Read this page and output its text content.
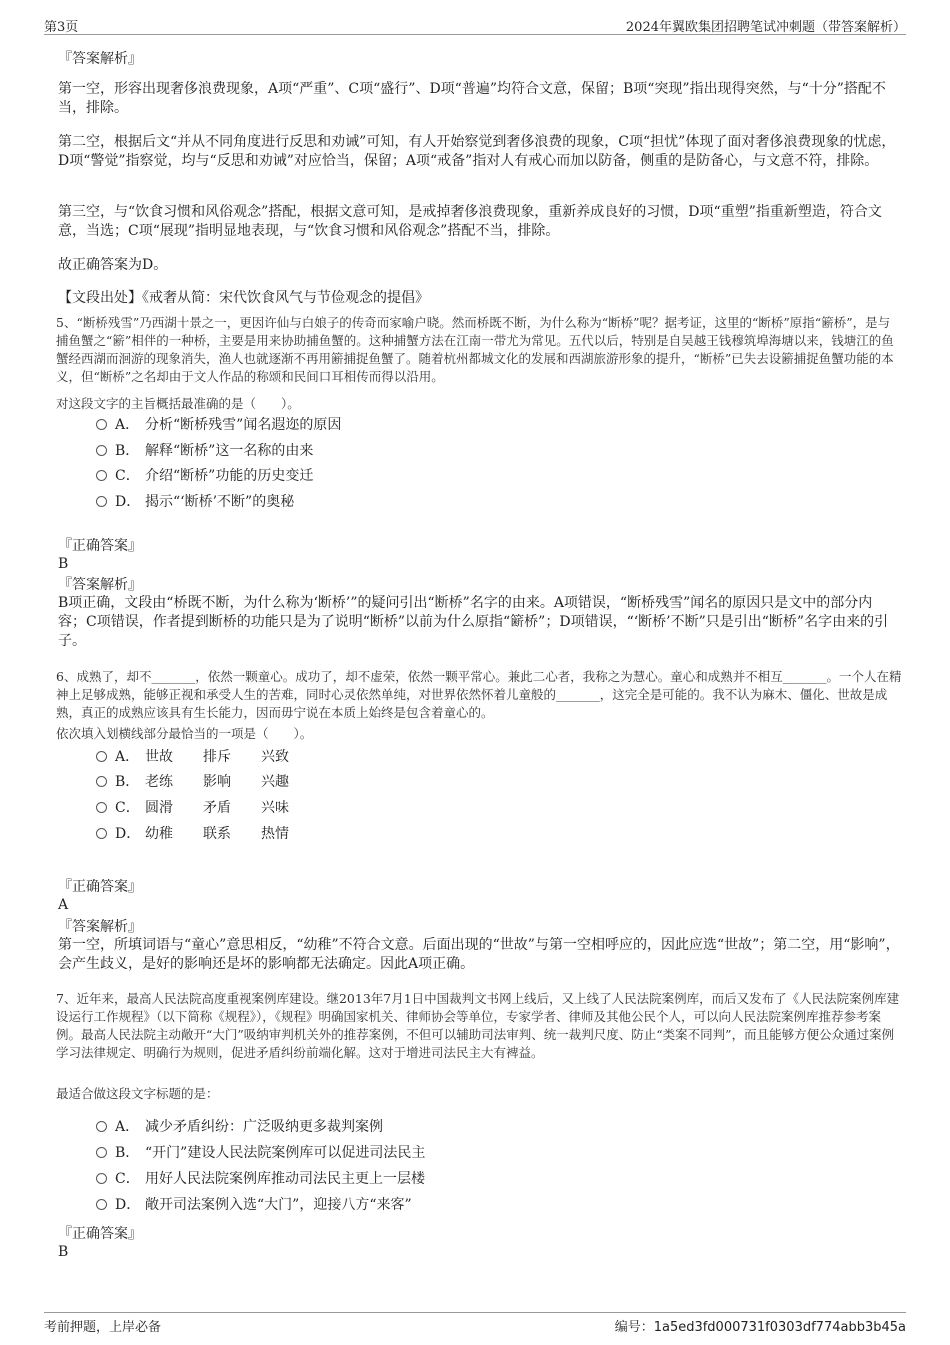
第3页	2024年翼欧集团招聘笔试冲刺题（带答案解析）
『答案解析』
第一空，形容出现奢侈浪费现象，A项“严重”、C项“盛行”、D项“普遍”均符合文意，保留；B项“突现”指出现得突然，与“十分”搭配不当，排除。
第二空，根据后文“并从不同角度进行反思和劝诫”可知，有人开始察觉到奢侈浪费的现象，C项“担忧”体现了面对奢侈浪费现象的忧虑，D项“警觉”指察觉，均与“反思和劝诫”对应恰当，保留；A项“戒备”指对人有戒心而加以防备，侧重的是防备心，与文意不符，排除。
第三空，与“饮食习惯和风俗观念”搭配，根据文意可知，是戒掉奢侈浪费现象，重新养成良好的习惯，D项“重塑”指重新塑造，符合文意，当选；C项“展现”指明显地表现，与“饮食习惯和风俗观念”搭配不当，排除。
故正确答案为D。
【文段出处】《戒奢从简：宋代饮食风气与节俭观念的提倡》
5、“断桥残雪”乃西湖十景之一，更因许仙与白娘子的传奇而家喻户晓。然而桥既不断，为什么称为“断桥”呢？据考证，这里的“断桥”原指“簖桥”，是与捕鱼蟹之“簖”相伴的一种桥，主要是用来协助捕鱼蟹的。这种捕蟹方法在江南一带尤为常见。五代以后，特别是自吴越王钱穆筑埠海塘以来，钱塘江的鱼蟹经西湖而洄游的现象消失，渔人也就逐渐不再用簖捕捉鱼蟹了。随着杭州都城文化的发展和西湖旅游形象的提升，“断桥”已失去设簖捕捉鱼蟹功能的本义，但“断桥”之名却由于文人作品的称颂和民间口耳相传而得以沿用。
对这段文字的主旨概括最准确的是（　　）。
A． 分析“断桥残雪”闻名遐迩的原因
B． 解释“断桥”这一名称的由来
C． 介绍“断桥”功能的历史变迁
D． 揭示“‘断桥’不断”的奥秘
『正确答案』
B
『答案解析』
B项正确，文段由“桥既不断，为什么称为‘断桥’”的疑问引出“断桥”名字的由来。A项错误，“断桥残雪”闻名的原因只是文中的部分内容；C项错误，作者提到断桥的功能只是为了说明“断桥”以前为什么原指“簖桥”；D项错误，“‘断桥’不断”只是引出“断桥”名字由来的引子。
6、成熟了，却不_______，依然一颗童心。成功了，却不虚荣，依然一颗平常心。兼此二心者，我称之为慧心。童心和成熟并不相互_______。一个人在精神上足够成熟，能够正视和承受人生的苦难，同时心灵依然单纯，对世界依然怀着儿童般的_______，这完全是可能的。我不认为麻木、僵化、世故是成熟，真正的成熟应该具有生长能力，因而毋宁说在本质上始终是包含着童心的。
依次填入划横线部分最恰当的一项是（　　）。
A． 世故 排斥 兴致
B． 老练 影响 兴趣
C． 圆滑 矛盾 兴味
D． 幼稚 联系 热情
『正确答案』
A
『答案解析』
第一空，所填词语与“童心”意思相反，“幼稚”不符合文意。后面出现的“世故”与第一空相呼应的，因此应选“世故”；第二空，用“影响”，会产生歧义，是好的影响还是坏的影响都无法确定。因此A项正确。
7、近年来，最高人民法院高度重视案例库建设。继2013年7月1日中国裁判文书网上线后，又上线了人民法院案例库，而后又发布了《人民法院案例库建设运行工作规程》（以下简称《规程》），《规程》明确国家机关、律师协会等单位，专家学者、律师及其他公民个人，可以向人民法院案例库推荐参考案例。最高人民法院主动敞开“大门”吸纳审判机关外的推荐案例，不但可以辅助司法审判、统一裁判尺度、防止“类案不同判”，而且能够方便公众通过案例学习法律规定、明确行为规则，促进矛盾纠纷前端化解。这对于增进司法民主大有裨益。
最适合做这段文字标题的是：
A． 减少矛盾纠纷：广泛吸纳更多裁判案例
B． “开门”建设人民法院案例库可以促进司法民主
C． 用好人民法院案例库推动司法民主更上一层楼
D． 敞开司法案例入选“大门”，迎接八方“来客”
『正确答案』
B
考前押题，上岸必备	编号：1a5ed3fd000731f0303df774abb3b45a
